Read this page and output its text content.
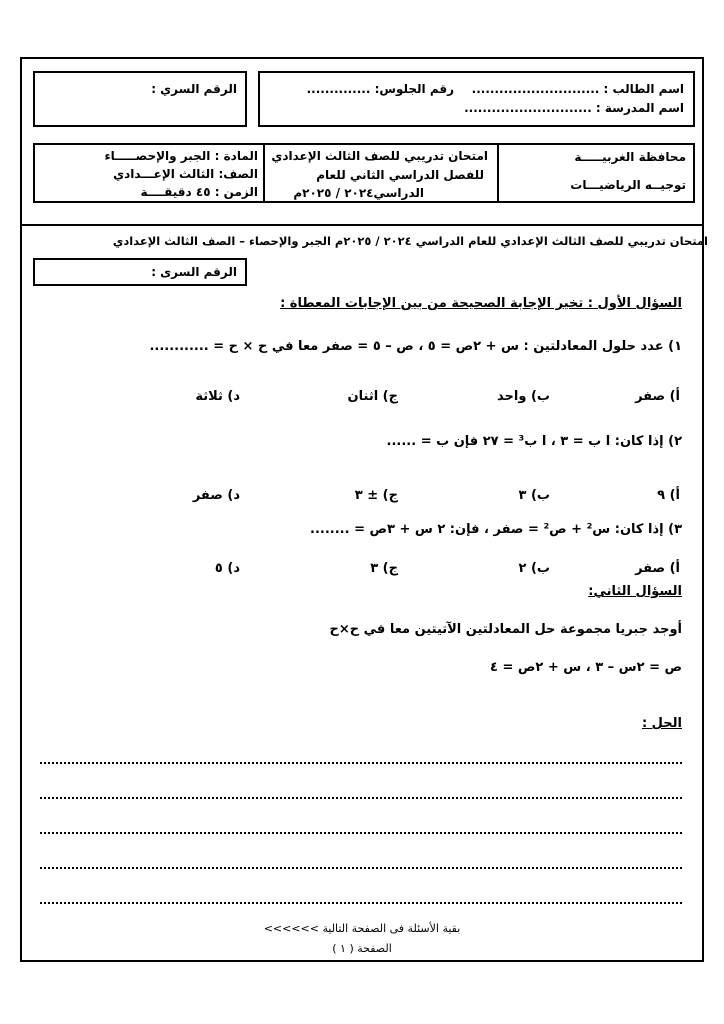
اسم الطالب : ............................
رقم الجلوس: ..............
اسم المدرسة : ............................
الرقم السري :
محافظة الغربيـــــة
توجيــه الرياضيـــات
امتحان تدريبي للصف الثالث الإعدادي
للفصل الدراسي الثاني للعام
الدراسي٢٠٢٤ / ٢٠٢٥م
المادة : الجبر والإحصـــــاء
الصف: الثالث الإعـــدادي
الزمن : ٤٥ دقيقــــة
امتحان تدريبي للصف الثالث الإعدادي للعام الدراسي ٢٠٢٤ / ٢٠٢٥م الجبر والإحصاء – الصف الثالث الإعدادي
الرقم السرى :
السؤال الأول : تخير الإجابة الصحيحة من بين الإجابات المعطاة :
١) عدد حلول المعادلتين : س + ٢ص = ٥ ، ص – ٥ = صفر معا في ح × ح = ............
أ) صفر
ب) واحد
ج) اثنان
د) ثلاثة
٢) إذا كان: ا ب = ٣ ، ا ب³ = ٢٧ فإن ب = ......
أ) ٩
ب) ٣
ج) ± ٣
د) صفر
٣) إذا كان: س² + ص² = صفر ، فإن: ٢ س + ٣ص = ........
أ) صفر
ب) ٢
ج) ٣
د) ٥
السؤال الثاني:
أوجد جبريا مجموعة حل المعادلتين الآتيتين معا في ح×ح
ص = ٢س – ٣ ، س + ٢ص = ٤
الحل :
بقية الأسئلة فى الصفحة التالية >>>>>>
الصفحة ( ١ )
